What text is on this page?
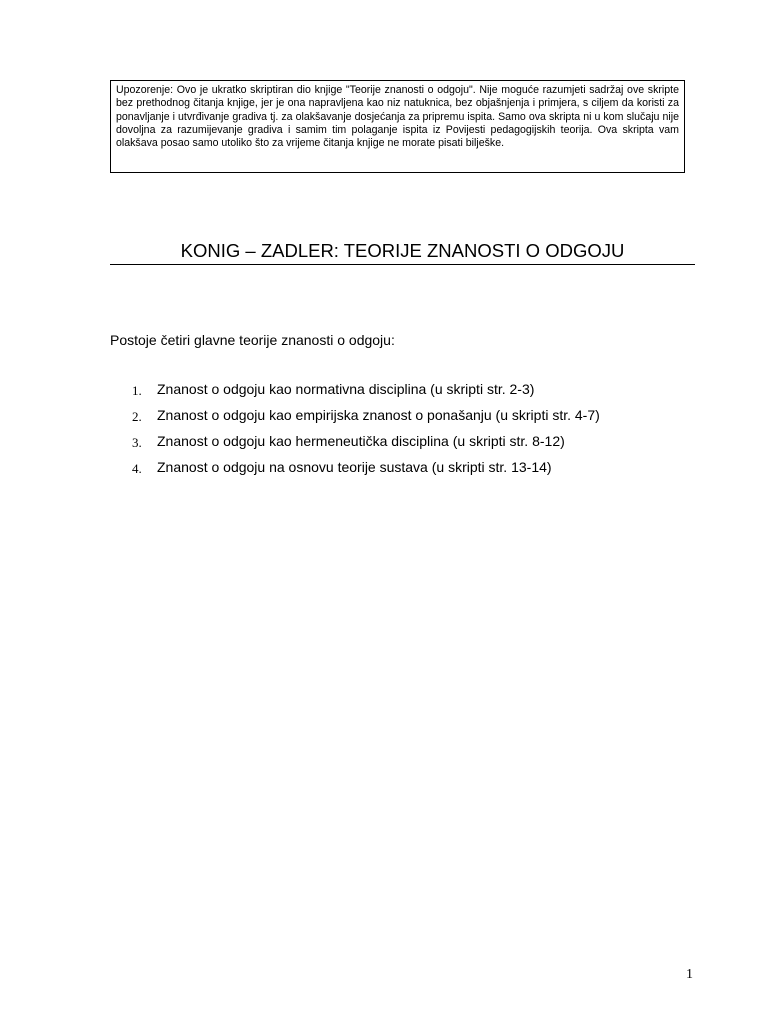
Upozorenje: Ovo je ukratko skriptiran dio knjige "Teorije znanosti o odgoju". Nije moguće razumjeti sadržaj ove skripte bez prethodnog čitanja knjige, jer je ona napravljena kao niz natuknica, bez objašnjenja i primjera, s ciljem da koristi za ponavljanje i utvrđivanje gradiva tj. za olakšavanje dosjećanja za pripremu ispita. Samo ova skripta ni u kom slučaju nije dovoljna za razumijevanje gradiva i samim tim polaganje ispita iz Povijesti pedagogijskih teorija. Ova skripta vam olakšava posao samo utoliko što za vrijeme čitanja knjige ne morate pisati bilješke.
KONIG – ZADLER: TEORIJE ZNANOSTI O ODGOJU
Postoje četiri glavne teorije znanosti o odgoju:
1. Znanost o odgoju kao normativna disciplina (u skripti str. 2-3)
2. Znanost o odgoju kao empirijska znanost o ponašanju (u skripti str. 4-7)
3. Znanost o odgoju kao hermeneutička disciplina (u skripti str. 8-12)
4. Znanost o odgoju na osnovu teorije sustava (u skripti str. 13-14)
1
